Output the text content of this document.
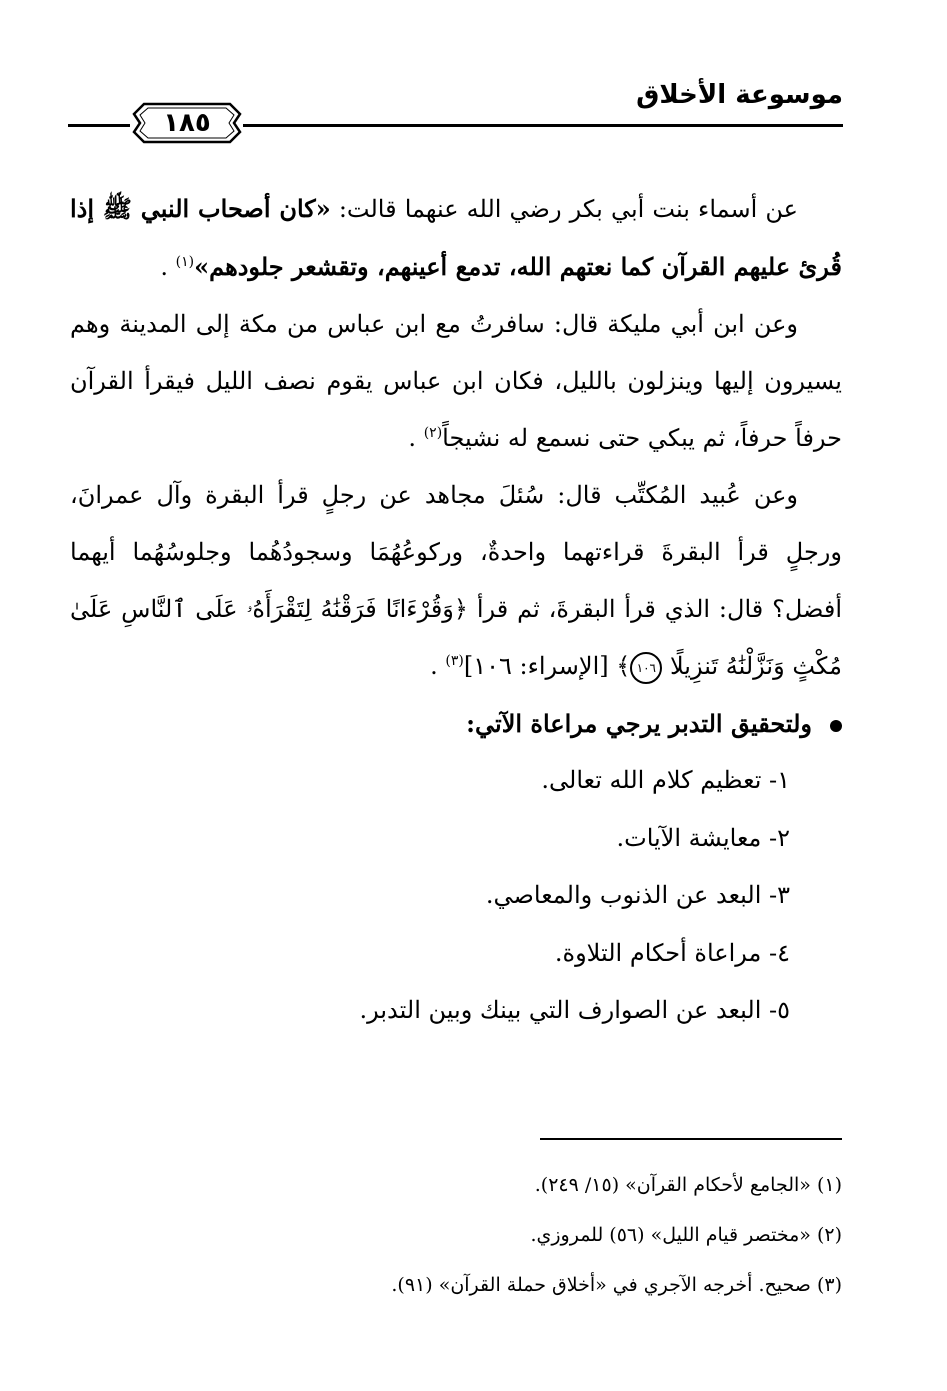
موسوعة الأخلاق
١٨٥

عن أسماء بنت أبي بكر رضي الله عنهما قالت: «كان أصحاب النبي ﷺ إذا قُرئ عليهم القرآن كما نعتهم الله، تدمع أعينهم، وتقشعر جلودهم»$^{(١)}$ .

وعن ابن أبي مليكة قال: سافرتُ مع ابن عباس من مكة إلى المدينة وهم يسيرون إليها وينزلون بالليل، فكان ابن عباس يقوم نصف الليل فيقرأ القرآن حرفاً حرفاً، ثم يبكي حتى نسمع له نشيجاً$^{(٢)}$ .

وعن عُبيد المُكتِّب قال: سُئلَ مجاهد عن رجلٍ قرأ البقرة وآل عمرانَ، ورجلٍ قرأ البقرةَ قراءتهما واحدةٌ، وركوعُهُمَا وسجودُهُما وجلوسُهُما أيهما أفضل؟ قال: الذي قرأ البقرةَ، ثم قرأ ﴿وَقُرْءَانًا فَرَقْنَٰهُ لِتَقْرَأَهُۥ عَلَى ٱلنَّاسِ عَلَىٰ مُكْثٍ وَنَزَّلْنَٰهُ تَنزِيلًا ١٠٦﴾ [الإسراء: ١٠٦]$^{(٣)}$ .

ولتحقيق التدبر يرجي مراعاة الآتي:

١- تعظيم كلام الله تعالى.
٢- معايشة الآيات.
٣- البعد عن الذنوب والمعاصي.
٤- مراعاة أحكام التلاوة.
٥- البعد عن الصوارف التي بينك وبين التدبر.

(١) «الجامع لأحكام القرآن» (١٥/ ٢٤٩).

(٢) «مختصر قيام الليل» (٥٦) للمروزي.

(٣) صحيح. أخرجه الآجري في «أخلاق حملة القرآن» (٩١).
